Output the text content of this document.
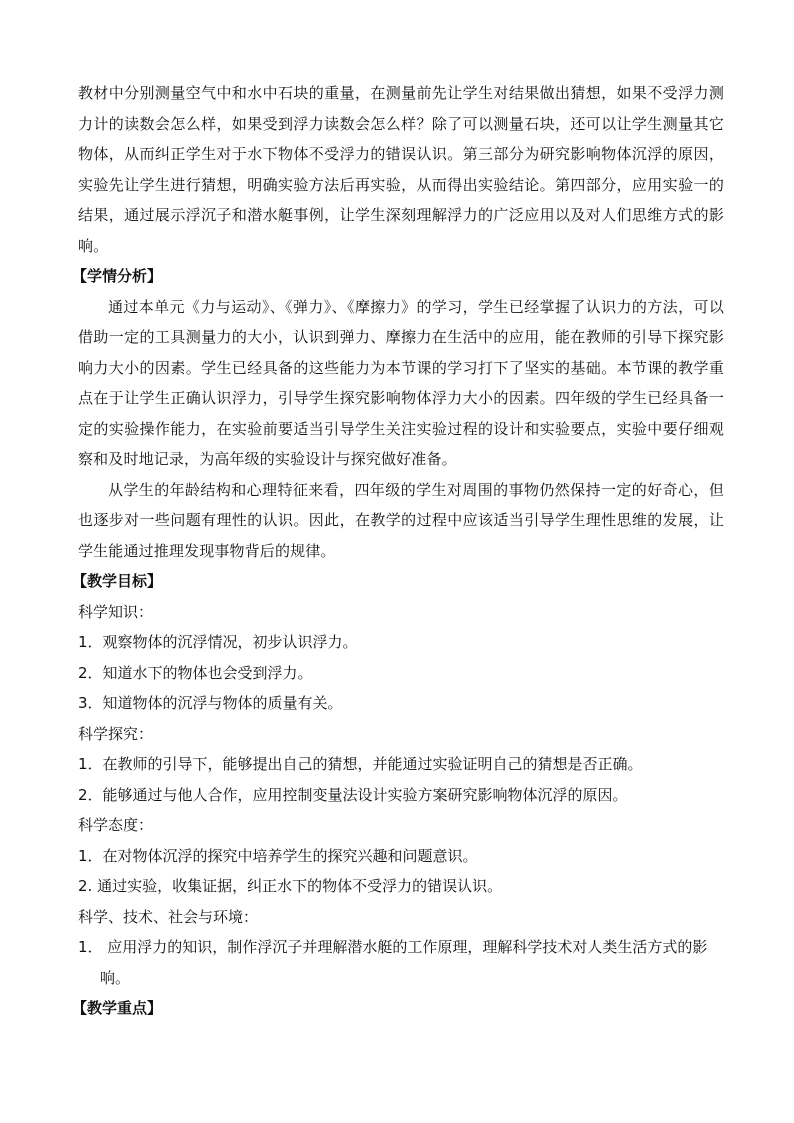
教材中分别测量空气中和水中石块的重量，在测量前先让学生对结果做出猜想，如果不受浮力测力计的读数会怎么样，如果受到浮力读数会怎么样？除了可以测量石块，还可以让学生测量其它物体，从而纠正学生对于水下物体不受浮力的错误认识。第三部分为研究影响物体沉浮的原因，实验先让学生进行猜想，明确实验方法后再实验，从而得出实验结论。第四部分，应用实验一的结果，通过展示浮沉子和潜水艇事例，让学生深刻理解浮力的广泛应用以及对人们思维方式的影响。

【学情分析】

通过本单元《力与运动》、《弹力》、《摩擦力》的学习，学生已经掌握了认识力的方法，可以借助一定的工具测量力的大小，认识到弹力、摩擦力在生活中的应用，能在教师的引导下探究影响力大小的因素。学生已经具备的这些能力为本节课的学习打下了坚实的基础。本节课的教学重点在于让学生正确认识浮力，引导学生探究影响物体浮力大小的因素。四年级的学生已经具备一定的实验操作能力，在实验前要适当引导学生关注实验过程的设计和实验要点，实验中要仔细观察和及时地记录，为高年级的实验设计与探究做好准备。

从学生的年龄结构和心理特征来看，四年级的学生对周围的事物仍然保持一定的好奇心，但也逐步对一些问题有理性的认识。因此，在教学的过程中应该适当引导学生理性思维的发展，让学生能通过推理发现事物背后的规律。

【教学目标】

科学知识：

1．观察物体的沉浮情况，初步认识浮力。

2．知道水下的物体也会受到浮力。

3．知道物体的沉浮与物体的质量有关。

科学探究：

1．在教师的引导下，能够提出自己的猜想，并能通过实验证明自己的猜想是否正确。

2．能够通过与他人合作，应用控制变量法设计实验方案研究影响物体沉浮的原因。

科学态度：

1．在对物体沉浮的探究中培养学生的探究兴趣和问题意识。

2. 通过实验，收集证据，纠正水下的物体不受浮力的错误认识。

科学、技术、社会与环境：

1． 应用浮力的知识，制作浮沉子并理解潜水艇的工作原理，理解科学技术对人类生活方式的影响。

【教学重点】
